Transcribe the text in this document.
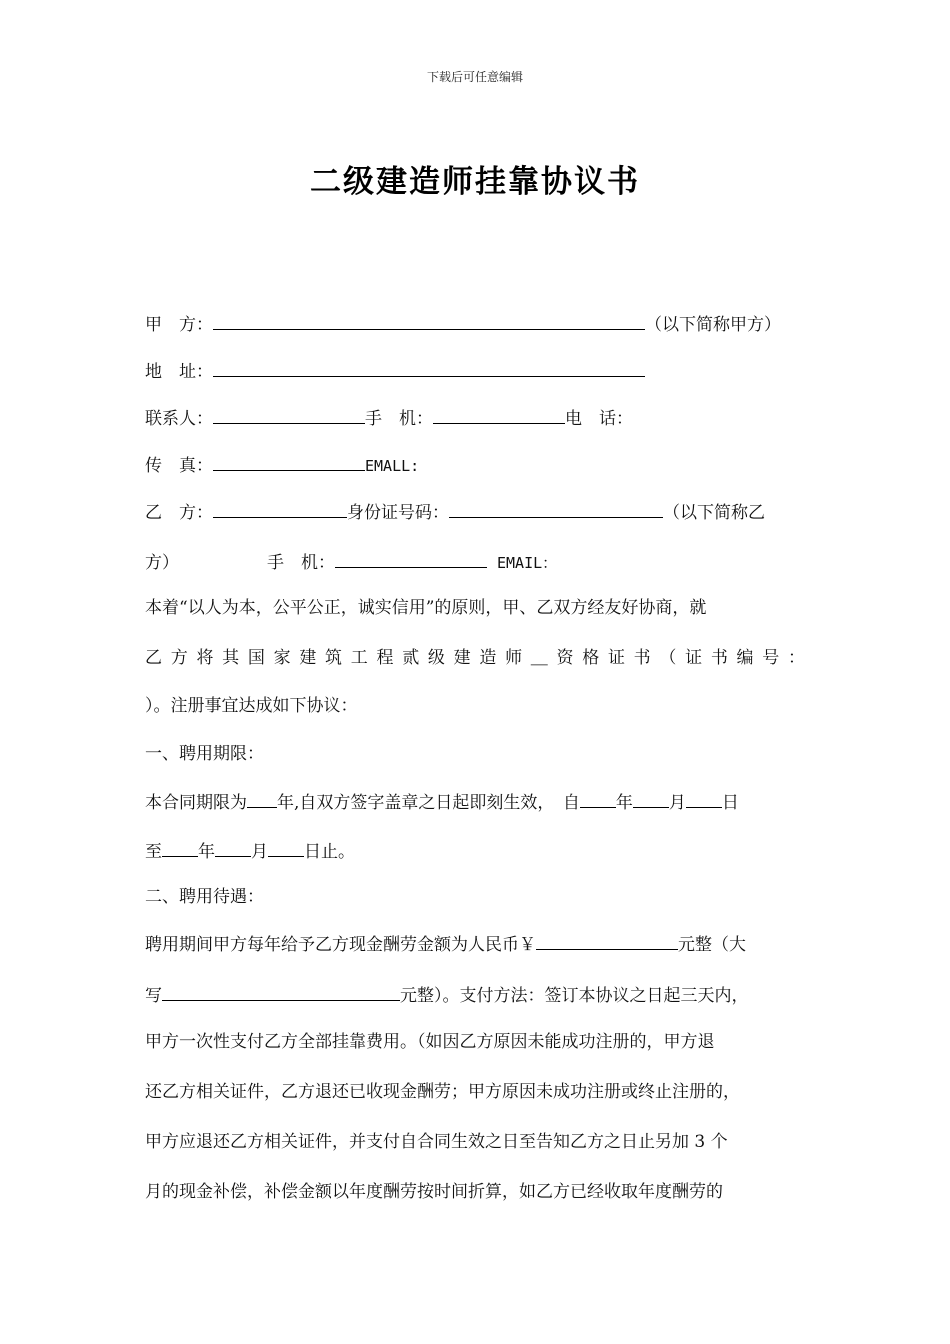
下载后可任意编辑
二级建造师挂靠协议书
甲　方：	（以下简称甲方）
地　址：
联系人：	手　机：	电　话：
传　真：	EMALL:
乙　方：	身份证号码：	（以下简称乙
方）	手　机：	EMAIL：
本着“以人为本，公平公正，诚实信用”的原则，甲、乙双方经友好协商，就
乙方将其国家建筑工程贰级建造师＿资格证书（证书编号：
）。注册事宜达成如下协议：
一、聘用期限：
本合同期限为 年,自双方签字盖章之日起即刻生效，　自 年 月 日
至 年 月 日止。
二、聘用待遇：
聘用期间甲方每年给予乙方现金酬劳金额为人民币￥	元整（大
写	元整）。支付方法：签订本协议之日起三天内，
甲方一次性支付乙方全部挂靠费用。（如因乙方原因未能成功注册的，甲方退
还乙方相关证件，乙方退还已收现金酬劳；甲方原因未成功注册或终止注册的，
甲方应退还乙方相关证件，并支付自合同生效之日至告知乙方之日止另加 3 个
月的现金补偿，补偿金额以年度酬劳按时间折算，如乙方已经收取年度酬劳的
